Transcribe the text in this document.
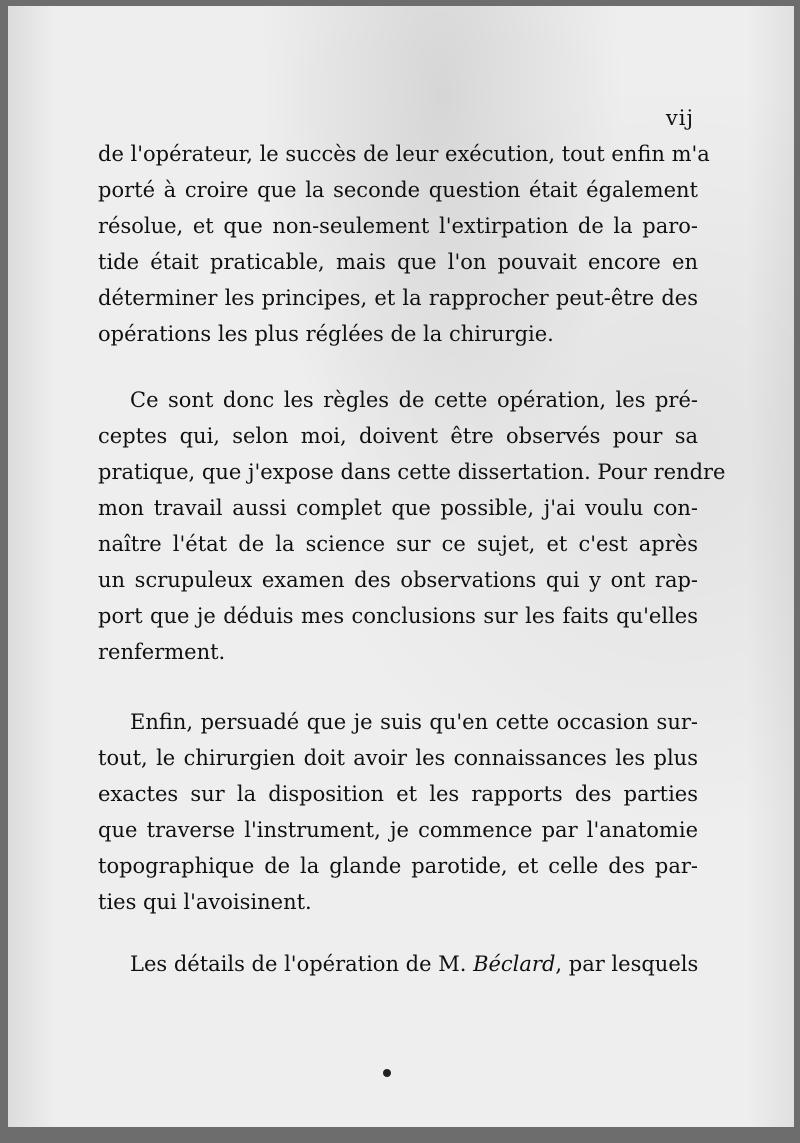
vij
de l'opérateur, le succès de leur exécution, tout enfin m'a
porté à croire que la seconde question était également
résolue, et que non-seulement l'extirpation de la paro-
tide était praticable, mais que l'on pouvait encore en
déterminer les principes, et la rapprocher peut-être des
opérations les plus réglées de la chirurgie.
Ce sont donc les règles de cette opération, les pré-
ceptes qui, selon moi, doivent être observés pour sa
pratique, que j'expose dans cette dissertation. Pour rendre
mon travail aussi complet que possible, j'ai voulu con-
naître l'état de la science sur ce sujet, et c'est après
un scrupuleux examen des observations qui y ont rap-
port que je déduis mes conclusions sur les faits qu'elles
renferment.
Enfin, persuadé que je suis qu'en cette occasion sur-
tout, le chirurgien doit avoir les connaissances les plus
exactes sur la disposition et les rapports des parties
que traverse l'instrument, je commence par l'anatomie
topographique de la glande parotide, et celle des par-
ties qui l'avoisinent.
Les détails de l'opération de M. Béclard, par lesquels
